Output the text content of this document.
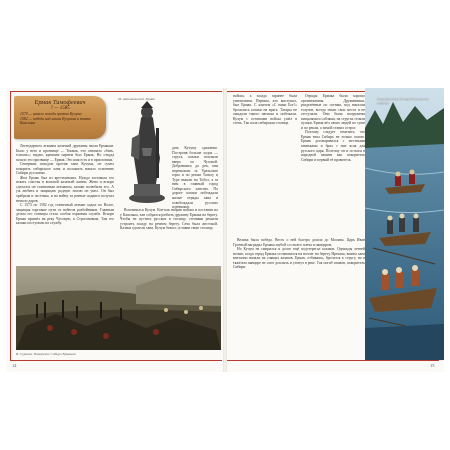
Ермак Тимофеевич
? — 1585
1579 — начало похода против Кучума
1582 — победа над ханом Кучумом и взятие Кашлыка

Легендарного атамана казачьей дружины звали Ермаком. Было у него и прозвище — Токмак, что означало «бить, толкать»; видно, крепким парнем был Ермак. Но откуда пошло это прозвище — Ермак. Это имя есть и в присловиях.

Северным походом против хана Кучума, он сумел покорить сибирского хана и положить начало освоению Сибири русскими.

Жил Ермак был из крестьянских. Нужда заставила его искать счастья в вольной казачьей жизни. Жена и вскоре сделался он станичным атаманом, казаки полюбили его. А уж любить и защищать родную землю он умел. Он был храбрым и честным, и на войну за ратные подвиги получал немало даров.

С 1573 по 1582 год станичный атаман ходил по Волге, защищая торговые пути от набегов разбойников. Главным делом его станицы стала особая охранная служба. Вскоре Ермак пришёл на реку Чусовую, к Строгановым. Там его казаки поступили на службу.

М. Антокольский. Ермак

дать Кучуму сражение. Построив больше лодок — струга, казаки поплыли вверх по Чусовой. Добравшись до рек, они перевалили за Уральские горы и по рекам Тагилу и Туре вышли на Тобол, а за ним в главный город Сибирского ханства. По дороге казаки побеждали малые отряды хана и освобождали русских пленников.

Вспомнился Кучум. Кое-как набрав войска и поставив их у Кашлыка, хан собрался разбить дружину Ермака на берегу. Чтобы не пустить русских в столицу, степняки решили устроить засаду на речном берегу. Сеча была жестокой. Казаки одолели хана. Кучум бежал, оставив свою столицу.

В. Суриков. Покорение Сибири Ермаком
14

войска, а засада заранее была уничтожена. Первым, кто выступил, был Ермак. С кличем «С нами Бог!» бросились казаки на врага. Татары не ожидали такого натиска и побежали. Кучум с остатками войска ушёл в степь. Так пала сибирская столица.

Отряды Ермака были хорошо организованы. Дружинники, разделённые по сотням, под началом есаулов, всегда знали свои места и не отступали. Они были вооружены пищалями и саблями, на стругах стояли пушки. Ермак вёл своих людей по суше и по рекам, а зимой ставил острог.

Поэтому следует отметить, что Ермак взял Сибирь не только силою. Ермак договаривался с местными князьками и брал с них ясак для русского царя. Поэтому он и остался в народной памяти как покоритель Сибири и первый её правитель.

Велика была победа. Весть о ней быстро дошла до Москвы. Царь Иван Грозный наградил Ермака шубой со своего плеча и панцирем.

Но Кучум не смирился и долго ещё подстерегал казаков. Однажды летней ночью, когда отряд Ермака остановился на ночлег на берегу Иртыша, воины хана внезапно напали на спящих казаков. Ермак, отбиваясь, бросился к стругу, но в тяжёлом панцире не смог доплыть и утонул в реке. Так погиб атаман, покоритель Сибири.

Заградительный отряд казаков на стругах
15
